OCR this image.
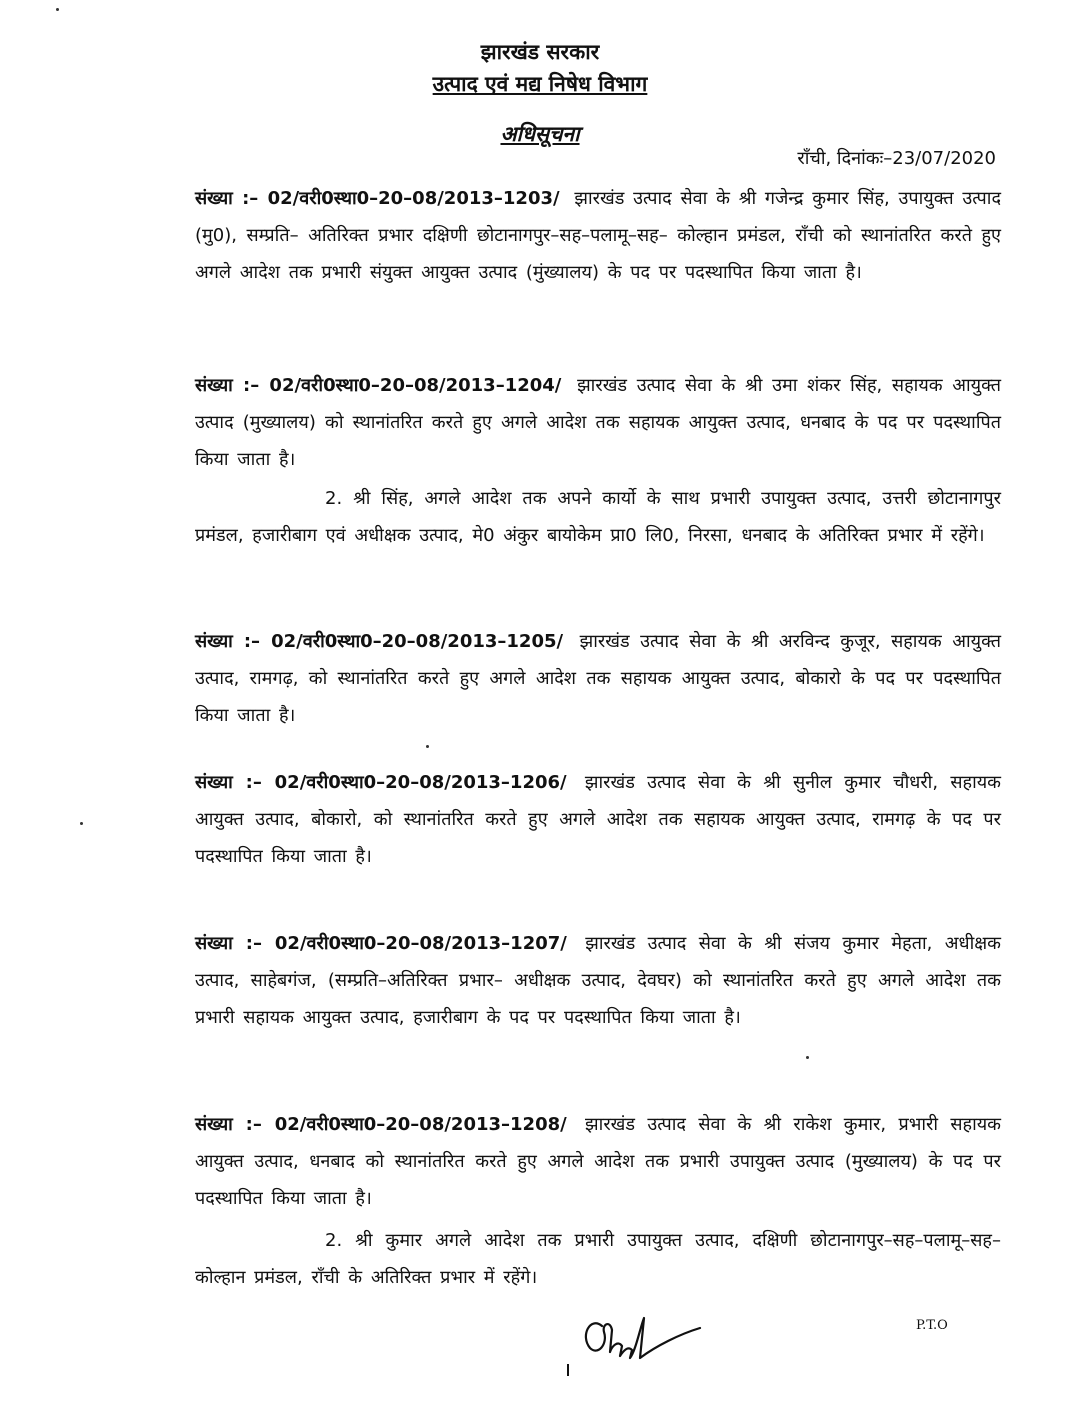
झारखंड सरकार
उत्पाद एवं मद्य निषेध विभाग
अधिसूचना
राँची, दिनांकः–23/07/2020
संख्या :– 02/वरी0स्था0–20–08/2013–1203/ झारखंड उत्पाद सेवा के श्री गजेन्द्र कुमार सिंह, उपायुक्त उत्पाद (मु0), सम्प्रति– अतिरिक्त प्रभार दक्षिणी छोटानागपुर–सह–पलामू–सह– कोल्हान प्रमंडल, राँची को स्थानांतरित करते हुए अगले आदेश तक प्रभारी संयुक्त आयुक्त उत्पाद (मुंख्यालय) के पद पर पदस्थापित किया जाता है।
संख्या :– 02/वरी0स्था0–20–08/2013–1204/ झारखंड उत्पाद सेवा के श्री उमा शंकर सिंह, सहायक आयुक्त उत्पाद (मुख्यालय) को स्थानांतरित करते हुए अगले आदेश तक सहायक आयुक्त उत्पाद, धनबाद के पद पर पदस्थापित किया जाता है।
2. श्री सिंह, अगले आदेश तक अपने कार्यो के साथ प्रभारी उपायुक्त उत्पाद, उत्तरी छोटानागपुर प्रमंडल, हजारीबाग एवं अधीक्षक उत्पाद, मे0 अंकुर बायोकेम प्रा0 लि0, निरसा, धनबाद के अतिरिक्त प्रभार में रहेंगे।
संख्या :– 02/वरी0स्था0–20–08/2013–1205/ झारखंड उत्पाद सेवा के श्री अरविन्द कुजूर, सहायक आयुक्त उत्पाद, रामगढ़, को स्थानांतरित करते हुए अगले आदेश तक सहायक आयुक्त उत्पाद, बोकारो के पद पर पदस्थापित किया जाता है।
संख्या :– 02/वरी0स्था0–20–08/2013–1206/ झारखंड उत्पाद सेवा के श्री सुनील कुमार चौधरी, सहायक आयुक्त उत्पाद, बोकारो, को स्थानांतरित करते हुए अगले आदेश तक सहायक आयुक्त उत्पाद, रामगढ़ के पद पर पदस्थापित किया जाता है।
संख्या :– 02/वरी0स्था0–20–08/2013–1207/ झारखंड उत्पाद सेवा के श्री संजय कुमार मेहता, अधीक्षक उत्पाद, साहेबगंज, (सम्प्रति–अतिरिक्त प्रभार– अधीक्षक उत्पाद, देवघर) को स्थानांतरित करते हुए अगले आदेश तक प्रभारी सहायक आयुक्त उत्पाद, हजारीबाग के पद पर पदस्थापित किया जाता है।
संख्या :– 02/वरी0स्था0–20–08/2013–1208/ झारखंड उत्पाद सेवा के श्री राकेश कुमार, प्रभारी सहायक आयुक्त उत्पाद, धनबाद को स्थानांतरित करते हुए अगले आदेश तक प्रभारी उपायुक्त उत्पाद (मुख्यालय) के पद पर पदस्थापित किया जाता है।
2. श्री कुमार अगले आदेश तक प्रभारी उपायुक्त उत्पाद, दक्षिणी छोटानागपुर–सह–पलामू–सह–कोल्हान प्रमंडल, राँची के अतिरिक्त प्रभार में रहेंगे।
P.T.O
